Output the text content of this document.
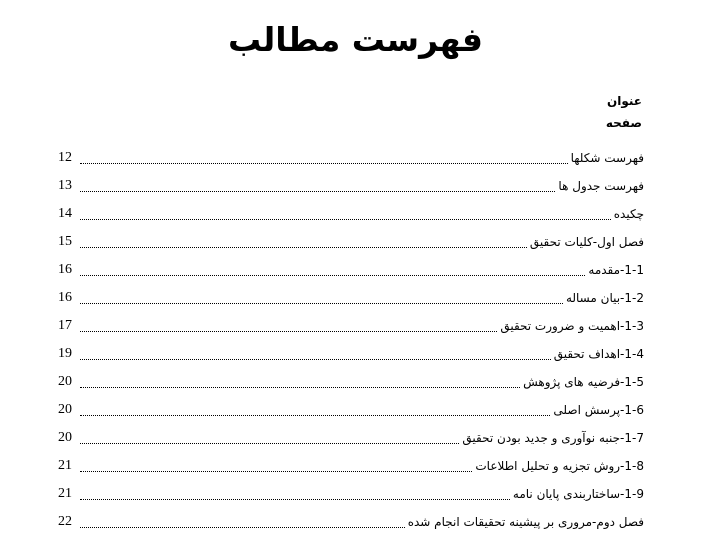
فهرست مطالب
عنوان
صفحه
12	فهرست شکلها
13	فهرست جدول ها
14	چکیده
15	فصل اول-کلیات تحقیق
16	1-1-مقدمه
16	1-2-بیان مساله
17	1-3-اهمیت و ضرورت تحقیق
19	1-4-اهداف تحقیق
20	1-5-فرضیه های پژوهش
20	1-6-پرسش اصلی
20	1-7-جنبه نوآوری و جدید بودن تحقیق
21	1-8-روش تجزیه و تحلیل اطلاعات
21	1-9-ساختاربندی پایان نامه
22	فصل دوم-مروری بر پیشینه تحقیقات انجام شده
